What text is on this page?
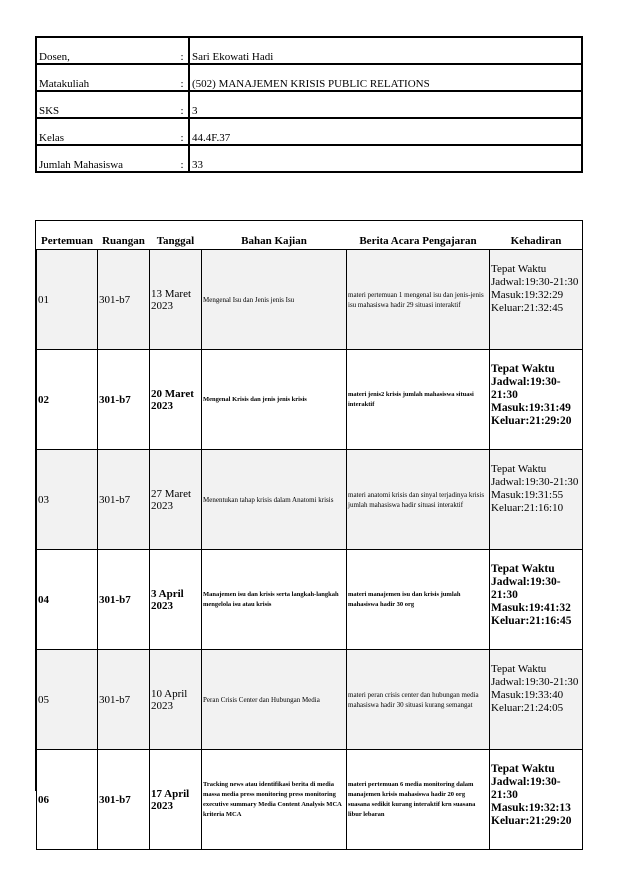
Dosen,	:	Sari Ekowati Hadi
Matakuliah	:	(502) MANAJEMEN KRISIS PUBLIC RELATIONS
SKS	:	3
Kelas	:	44.4F.37
Jumlah Mahasiswa	:	33
Pertemuan	Ruangan	Tanggal	Bahan Kajian	Berita Acara Pengajaran	Kehadiran
01	301-b7	13 Maret 2023	Mengenal Isu dan Jenis jenis Isu	materi pertemuan 1 mengenal isu dan jenis-jenis isu mahasiswa hadir 29 situasi interaktif	Tepat Waktu
Jadwal:19:30-21:30
Masuk:19:32:29
Keluar:21:32:45

02	301-b7	20 Maret 2023	Mengenal Krisis dan jenis jenis krisis	materi jenis2 krisis jumlah mahasiswa situasi interaktif	Tepat Waktu
Jadwal:19:30-21:30
Masuk:19:31:49
Keluar:21:29:20

03	301-b7	27 Maret 2023	Menentukan tahap krisis dalam Anatomi krisis	materi anatomi krisis dan sinyal terjadinya krisis jumlah mahasiswa hadir situasi interaktif	Tepat Waktu
Jadwal:19:30-21:30
Masuk:19:31:55
Keluar:21:16:10

04	301-b7	3 April 2023	Manajemen isu dan krisis serta langkah-langkah mengelola isu atau krisis	materi manajemen isu dan krisis jumlah mahasiswa hadir 30 org	Tepat Waktu
Jadwal:19:30-21:30
Masuk:19:41:32
Keluar:21:16:45

05	301-b7	10 April 2023	Peran Crisis Center dan Hubungan Media	materi peran crisis center dan hubungan media mahasiswa hadir 30 situasi kurang semangat	Tepat Waktu
Jadwal:19:30-21:30
Masuk:19:33:40
Keluar:21:24:05

06	301-b7	17 April 2023	Tracking news atau identifikasi berita di media massa media press monitoring press monitoring executive summary Media Content Analysis MCA kriteria MCA	materi pertemuan 6 media monitoring dalam manajemen krisis mahasiswa hadir 20 org suasana sedikit kurang interaktif krn suasana libur lebaran	Tepat Waktu
Jadwal:19:30-21:30
Masuk:19:32:13
Keluar:21:29:20
